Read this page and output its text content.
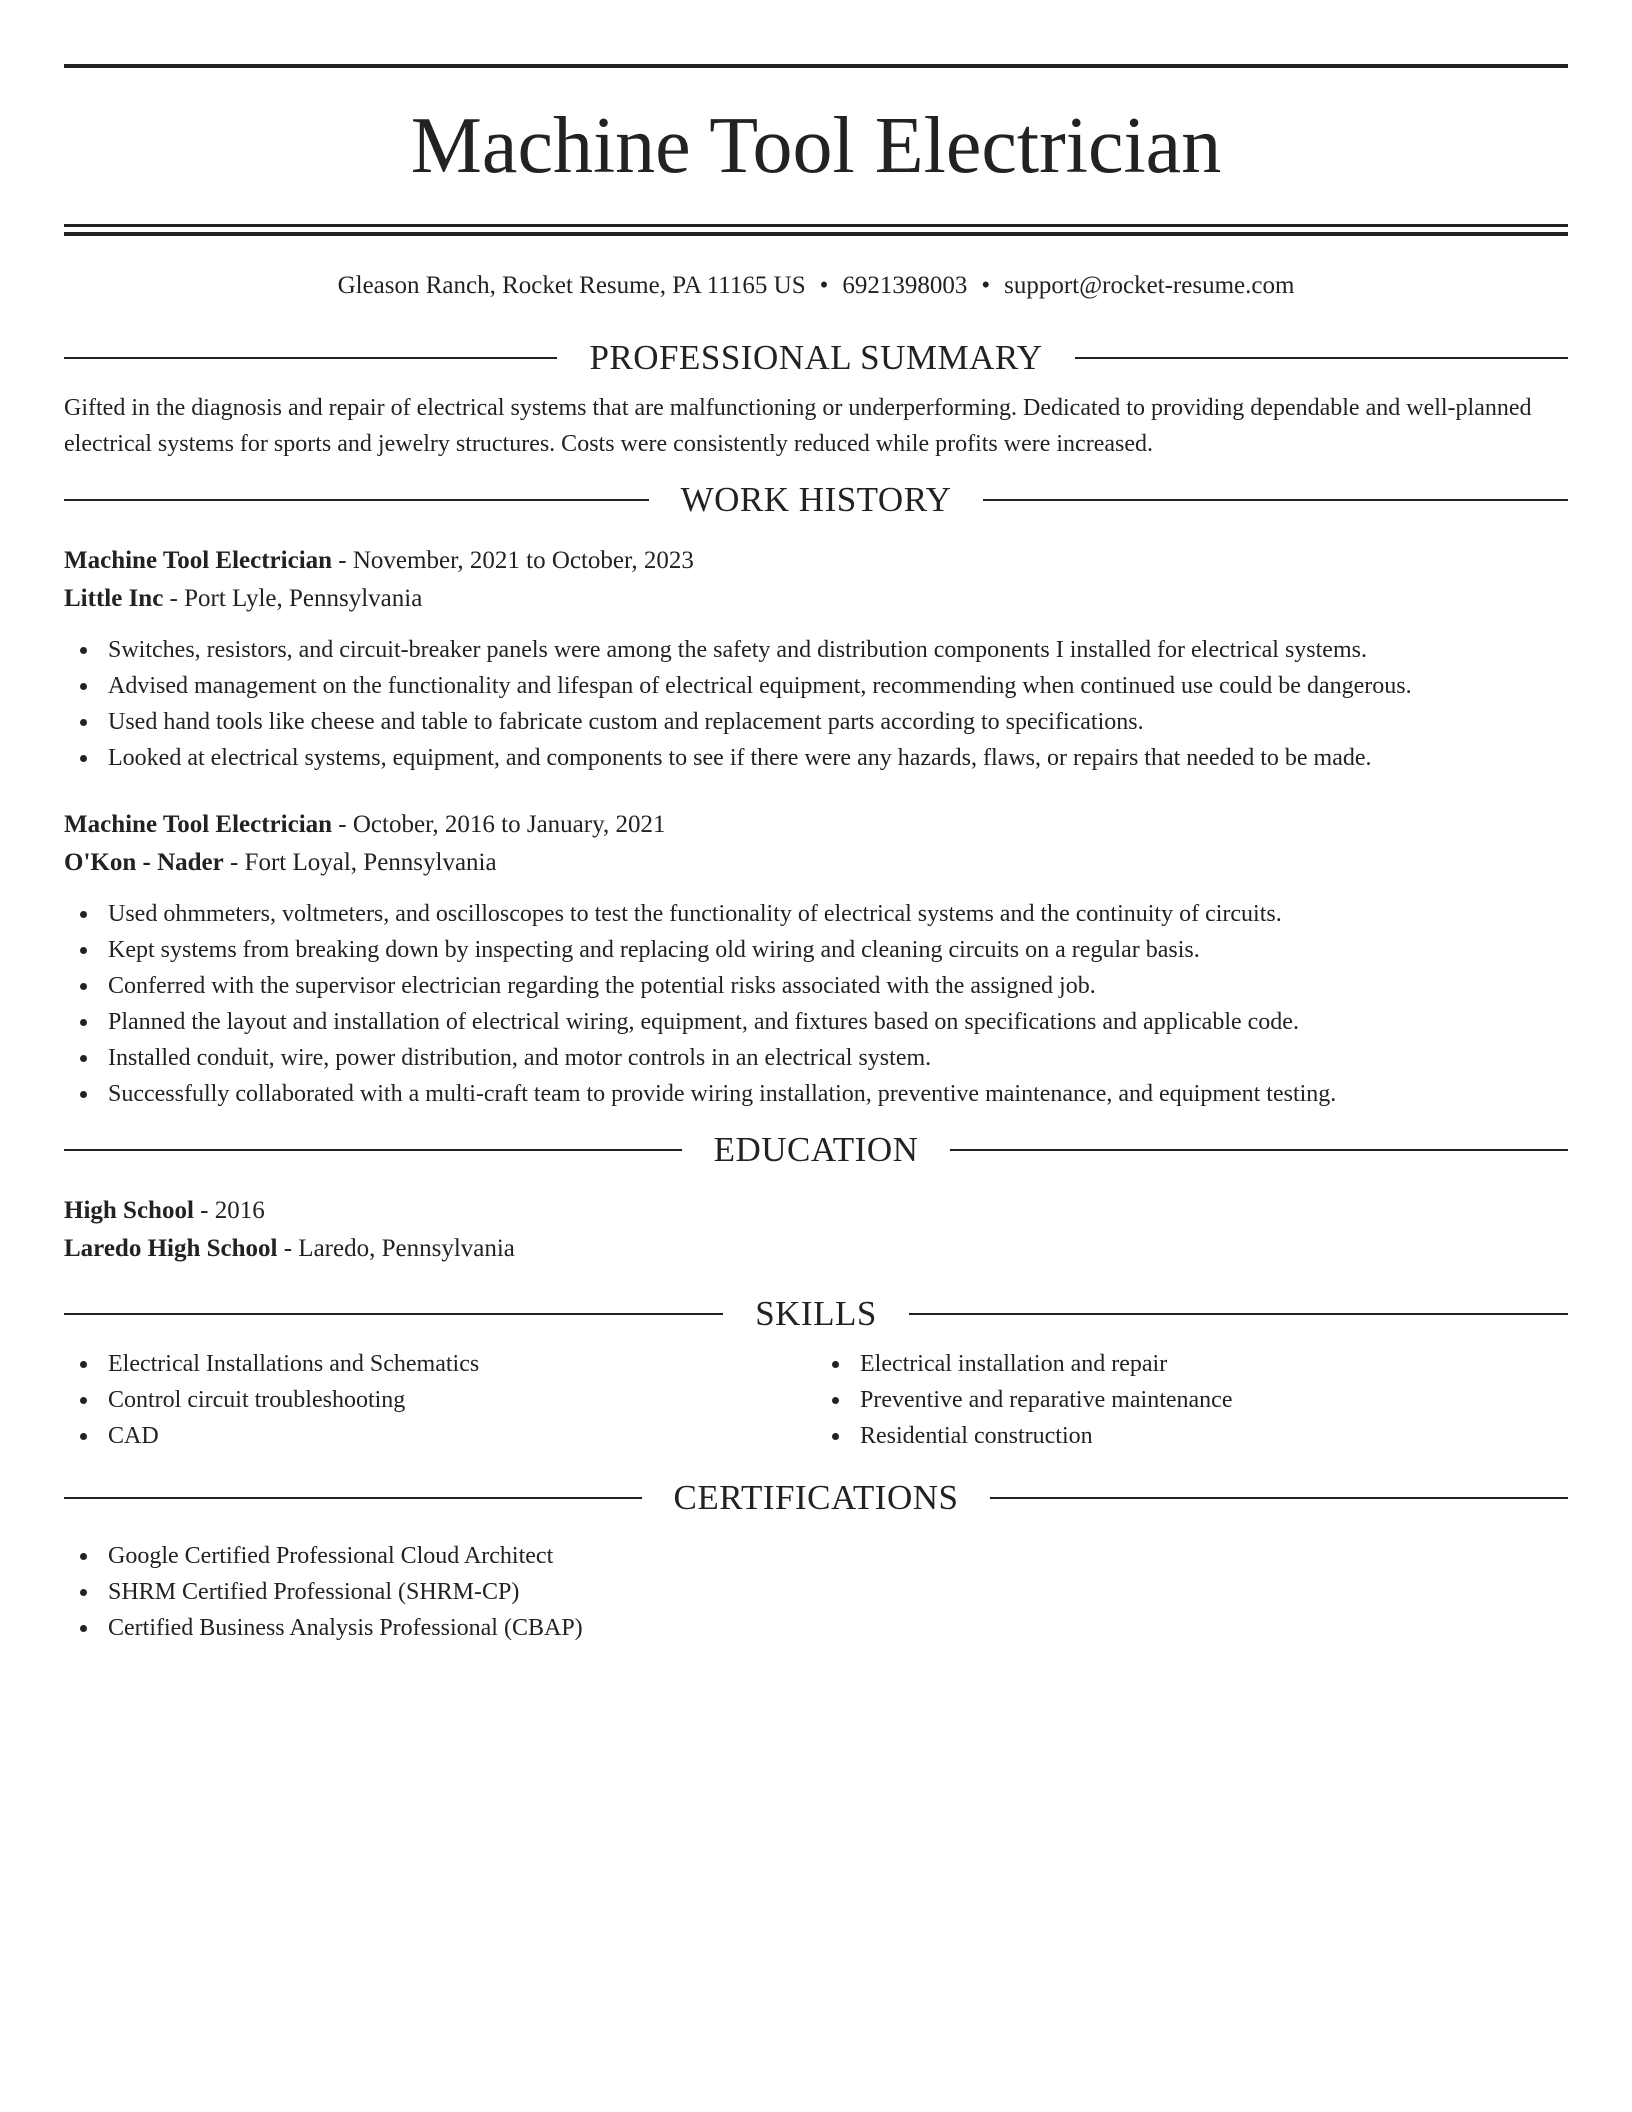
Machine Tool Electrician
Gleason Ranch, Rocket Resume, PA 11165 US • 6921398003 • support@rocket-resume.com
PROFESSIONAL SUMMARY

Gifted in the diagnosis and repair of electrical systems that are malfunctioning or underperforming. Dedicated to providing dependable and well-planned electrical systems for sports and jewelry structures. Costs were consistently reduced while profits were increased.

WORK HISTORY

Machine Tool Electrician - November, 2021 to October, 2023

Little Inc - Port Lyle, Pennsylvania

Switches, resistors, and circuit-breaker panels were among the safety and distribution components I installed for electrical systems.
Advised management on the functionality and lifespan of electrical equipment, recommending when continued use could be dangerous.
Used hand tools like cheese and table to fabricate custom and replacement parts according to specifications.
Looked at electrical systems, equipment, and components to see if there were any hazards, flaws, or repairs that needed to be made.

Machine Tool Electrician - October, 2016 to January, 2021

O'Kon - Nader - Fort Loyal, Pennsylvania

Used ohmmeters, voltmeters, and oscilloscopes to test the functionality of electrical systems and the continuity of circuits.
Kept systems from breaking down by inspecting and replacing old wiring and cleaning circuits on a regular basis.
Conferred with the supervisor electrician regarding the potential risks associated with the assigned job.
Planned the layout and installation of electrical wiring, equipment, and fixtures based on specifications and applicable code.
Installed conduit, wire, power distribution, and motor controls in an electrical system.
Successfully collaborated with a multi-craft team to provide wiring installation, preventive maintenance, and equipment testing.
EDUCATION

High School - 2016

Laredo High School - Laredo, Pennsylvania

SKILLS
Electrical Installations and Schematics
Control circuit troubleshooting
CAD
Electrical installation and repair
Preventive and reparative maintenance
Residential construction
CERTIFICATIONS
Google Certified Professional Cloud Architect
SHRM Certified Professional (SHRM-CP)
Certified Business Analysis Professional (CBAP)
